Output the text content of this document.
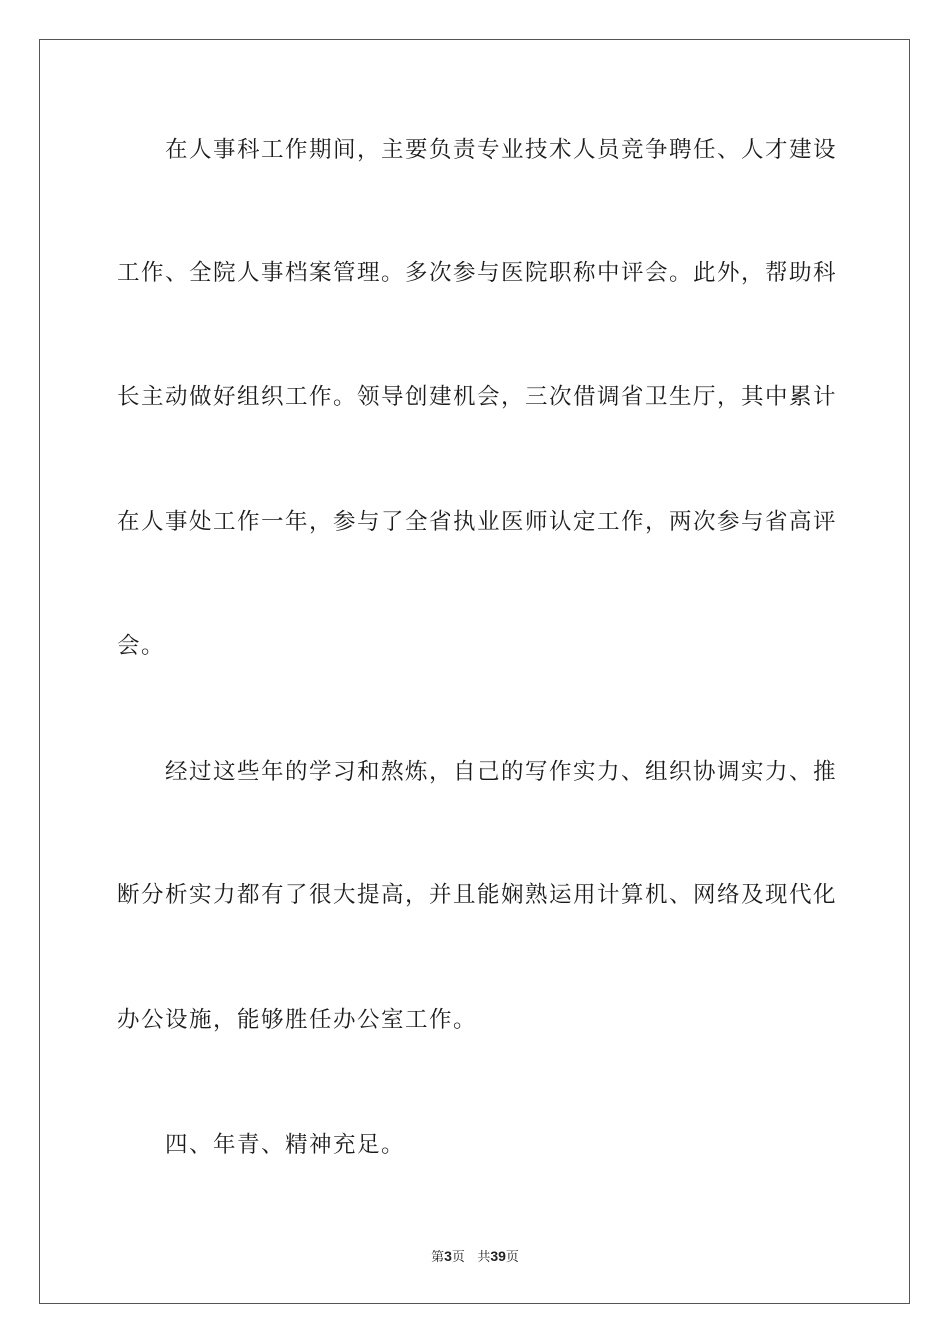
在人事科工作期间，主要负责专业技术人员竞争聘任、人才建设
工作、全院人事档案管理。多次参与医院职称中评会。此外，帮助科
长主动做好组织工作。领导创建机会，三次借调省卫生厅，其中累计
在人事处工作一年，参与了全省执业医师认定工作，两次参与省高评
会。
经过这些年的学习和熬炼，自己的写作实力、组织协调实力、推
断分析实力都有了很大提高，并且能娴熟运用计算机、网络及现代化
办公设施，能够胜任办公室工作。
四、年青、精神充足。
第3页 共39页
